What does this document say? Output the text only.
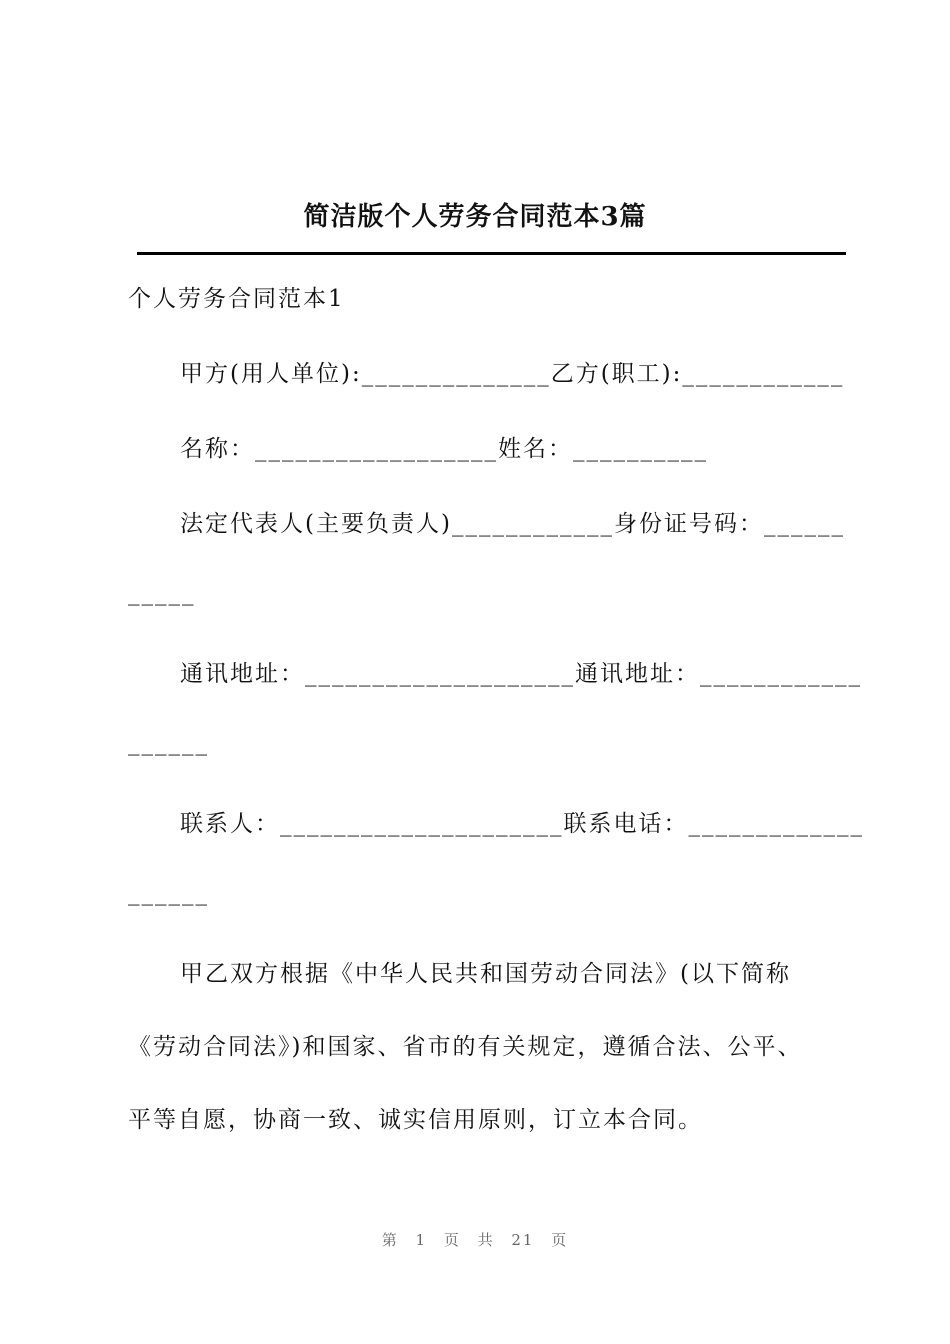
简洁版个人劳务合同范本3篇
个人劳务合同范本1
甲方(用人单位):______________乙方(职工):____________
名称：__________________姓名：__________
法定代表人(主要负责人)____________身份证号码：______
_____
通讯地址：____________________通讯地址：____________
______
联系人：_____________________联系电话：_____________
______
甲乙双方根据《中华人民共和国劳动合同法》(以下简称
《劳动合同法》)和国家、省市的有关规定，遵循合法、公平、
平等自愿，协商一致、诚实信用原则，订立本合同。
第 1 页 共 21 页
